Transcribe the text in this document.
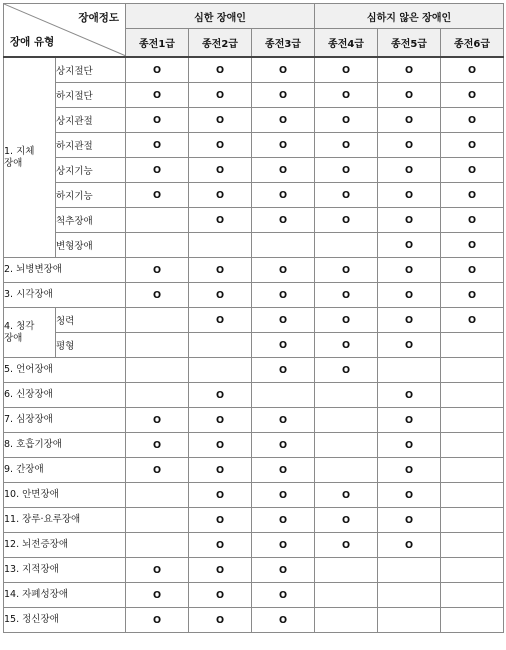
장애정도
장애 유형		심한 장애인			심하지 않은 장애인		
		종전1급	종전2급	종전3급	종전4급	종전5급	종전6급
1. 지체
장애	상지절단	O	O	O	O	O	O
	하지절단	O	O	O	O	O	O
	상지관절	O	O	O	O	O	O
	하지관절	O	O	O	O	O	O
	상지기능	O	O	O	O	O	O
	하지기능	O	O	O	O	O	O
	척추장애		O	O	O	O	O
	변형장애					O	O
2. 뇌병변장애		O	O	O	O	O	O
3. 시각장애		O	O	O	O	O	O
4. 청각
장애	청력		O	O	O	O	O
	평형			O	O	O	
5. 언어장애				O	O		
6. 신장장애			O			O	
7. 심장장애		O	O	O		O	
8. 호흡기장애		O	O	O		O	
9. 간장애		O	O	O		O	
10. 안면장애			O	O	O	O	
11. 장루·요루장애			O	O	O	O	
12. 뇌전증장애			O	O	O	O	
13. 지적장애		O	O	O			
14. 자폐성장애		O	O	O			
15. 정신장애		O	O	O			
